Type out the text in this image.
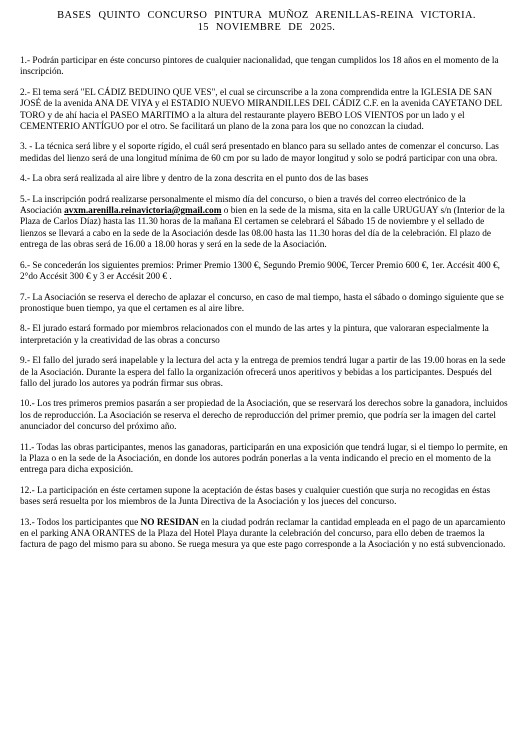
BASES QUINTO CONCURSO PINTURA MUÑOZ ARENILLAS-REINA VICTORIA.
15 NOVIEMBRE DE 2025.

1.- Podrán participar en éste concurso pintores de cualquier nacionalidad, que tengan cumplidos los 18 años en el momento de la inscripción.

2.- El tema será "EL CÁDIZ BEDUINO QUE VES", el cual se circunscribe a la zona comprendida entre la IGLESIA DE SAN JOSÉ de la avenida ANA DE VIYA y el ESTADIO NUEVO MIRANDILLES DEL CÁDIZ C.F. en la avenida CAYETANO DEL TORO y de ahí hacia el PASEO MARITIMO a la altura del restaurante playero BEBO LOS VIENTOS por un lado y el CEMENTERIO ANTÍGUO por el otro. Se facilitará un plano de la zona para los que no conozcan la ciudad.

3. - La técnica será libre y el soporte rígido, el cuál será presentado en blanco para su sellado antes de comenzar el concurso. Las medidas del lienzo será de una longitud mínima de 60 cm por su lado de mayor longitud y solo se podrá participar con una obra.

4.- La obra será realizada al aire libre y dentro de la zona descrita en el punto dos de las bases

5.- La inscripción podrá realizarse personalmente el mismo día del concurso, o bien a través del correo electrónico de la Asociación avxm.arenilla.reinavictoria@gmail.com o bien en la sede de la misma, sita en la calle URUGUAY s/n (Interior de la Plaza de Carlos Díaz) hasta las 11.30 horas de la mañana El certamen se celebrará el Sábado 15 de noviembre y el sellado de lienzos se llevará a cabo en la sede de la Asociación desde las 08.00 hasta las 11.30 horas del día de la celebración. El plazo de entrega de las obras será de 16.00 a 18.00 horas y será en la sede de la Asociación.

6.- Se concederán los siguientes premios: Primer Premio 1300 €, Segundo Premio 900€, Tercer Premio 600 €, 1er. Accésit 400 €, 2°do Accésit 300 € y 3 er Accésit 200 € .

7.- La Asociación se reserva el derecho de aplazar el concurso, en caso de mal tiempo, hasta el sábado o domingo siguiente que se pronostique buen tiempo, ya que el certamen es al aire libre.

8.- El jurado estará formado por miembros relacionados con el mundo de las artes y la pintura, que valoraran especialmente la interpretación y la creatividad de las obras a concurso

9.- El fallo del jurado será inapelable y la lectura del acta y la entrega de premios tendrá lugar a partir de las 19.00 horas en la sede de la Asociación. Durante la espera del fallo la organización ofrecerá unos aperitivos y bebidas a los participantes. Después del fallo del jurado los autores ya podrán firmar sus obras.

10.- Los tres primeros premios pasarán a ser propiedad de la Asociación, que se reservará los derechos sobre la ganadora, incluidos los de reproducción. La Asociación se reserva el derecho de reproducción del primer premio, que podría ser la imagen del cartel anunciador del concurso del próximo año.

11.- Todas las obras participantes, menos las ganadoras, participarán en una exposición que tendrá lugar, si el tiempo lo permite, en la Plaza o en la sede de la Asociación, en donde los autores podrán ponerlas a la venta indicando el precio en el momento de la entrega para dicha exposición.

12.- La participación en éste certamen supone la aceptación de éstas bases y cualquier cuestión que surja no recogidas en éstas bases será resuelta por los miembros de la Junta Directiva de la Asociación y los jueces del concurso.

13.- Todos los participantes que NO RESIDAN en la ciudad podrán reclamar la cantidad empleada en el pago de un aparcamiento en el parking ANA ORANTES de la Plaza del Hotel Playa durante la celebración del concurso, para ello deben de traemos la factura de pago del mismo para su abono. Se ruega mesura ya que este pago corresponde a la Asociación y no está subvencionado.
